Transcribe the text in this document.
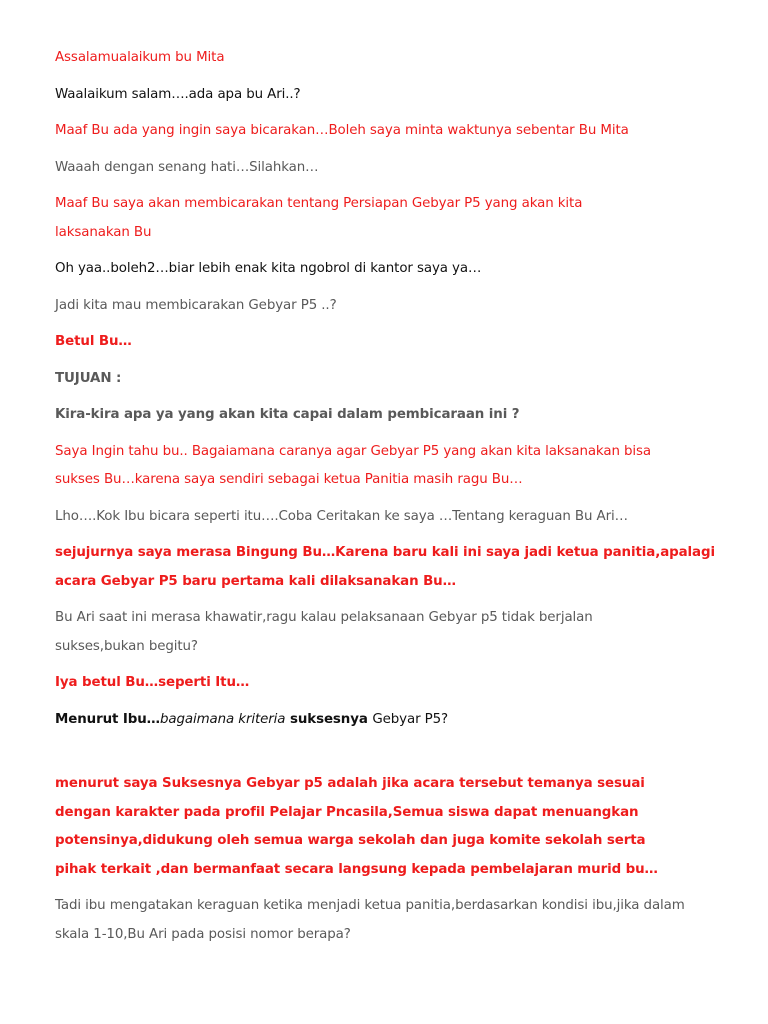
Assalamualaikum bu Mita

Waalaikum salam….ada apa bu Ari..?

Maaf Bu ada yang ingin saya bicarakan…Boleh saya minta waktunya sebentar Bu Mita

Waaah dengan senang hati…Silahkan…

Maaf Bu saya akan membicarakan tentang Persiapan Gebyar P5 yang akan kita laksanakan Bu

Oh yaa..boleh2…biar lebih enak kita ngobrol di kantor saya ya…

Jadi kita mau membicarakan Gebyar P5 ..?

Betul Bu…

TUJUAN :

Kira-kira apa ya yang akan kita capai dalam pembicaraan ini ?

Saya Ingin tahu bu.. Bagaiamana caranya agar Gebyar P5 yang akan kita laksanakan bisa sukses Bu…karena saya sendiri sebagai ketua Panitia masih ragu Bu…

Lho….Kok Ibu bicara seperti itu….Coba Ceritakan ke saya …Tentang keraguan Bu Ari…

sejujurnya saya merasa Bingung Bu…Karena baru kali ini saya jadi ketua panitia,apalagi acara Gebyar P5 baru pertama kali dilaksanakan Bu…

Bu Ari saat ini merasa khawatir,ragu kalau pelaksanaan Gebyar p5 tidak berjalan sukses,bukan begitu?

Iya betul Bu…seperti Itu…

Menurut Ibu…bagaimana kriteria suksesnya Gebyar P5?

menurut saya Suksesnya Gebyar p5 adalah jika acara tersebut temanya sesuai dengan karakter pada profil Pelajar Pncasila,Semua siswa dapat menuangkan potensinya,didukung oleh semua warga sekolah dan juga komite sekolah serta pihak terkait ,dan bermanfaat secara langsung kepada pembelajaran murid bu…

Tadi ibu mengatakan keraguan ketika menjadi ketua panitia,berdasarkan kondisi ibu,jika dalam skala 1-10,Bu Ari pada posisi nomor berapa?
